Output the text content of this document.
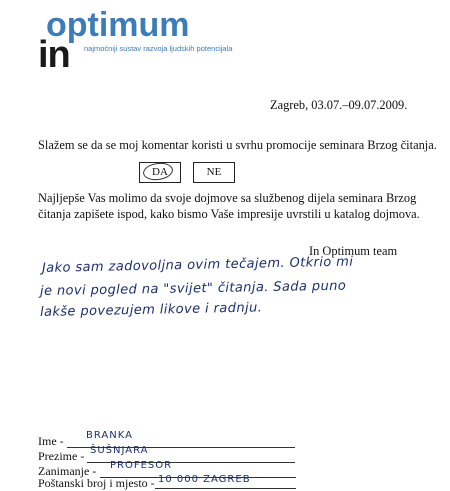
optimum
in najmoćniji sustav razvoja ljudskih potencijala
Zagreb, 03.07.–09.07.2009.
Slažem se da se moj komentar koristi u svrhu promocije seminara Brzog čitanja.
DA	NE
Najljepše Vas molimo da svoje dojmove sa službenog dijela seminara Brzog
čitanja zapišete ispod, kako bismo Vaše impresije uvrstili u katalog dojmova.
In Optimum team
Jako sam zadovoljna ovim tečajem. Otkrio mi
je novi pogled na "svijet" čitanja. Sada puno
lakše povezujem likove i radnju.
Ime - BRANKA
Prezime - ŠUŠNJARA
Zanimanje - PROFESOR
Poštanski broj i mjesto - 10 000 ZAGREB
